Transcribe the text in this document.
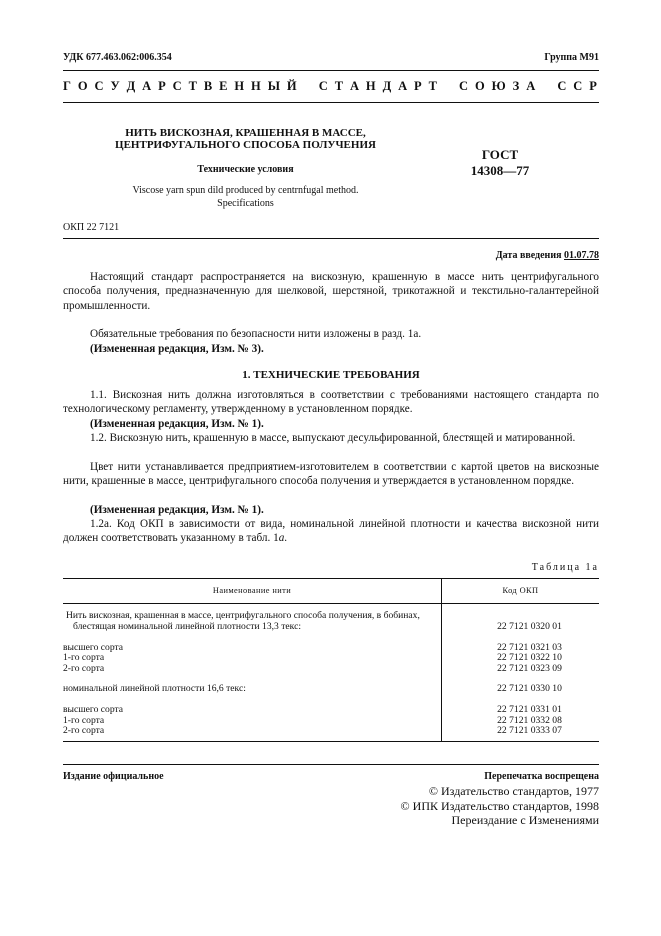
УДК 677.463.062:006.354	Группа М91
Г О С У Д А Р С Т В Е Н Н Ы Й
С Т А Н Д А Р Т
С О Ю З А
С С Р
НИТЬ ВИСКОЗНАЯ, КРАШЕННАЯ В МАССЕ,
ЦЕНТРИФУГАЛЬНОГО СПОСОБА ПОЛУЧЕНИЯ
Технические условия
Viscose yarn spun dild produced by centrnfugal method.
Specifications
ГОСТ
14308—77
ОКП 22 7121
Дата введения 01.07.78
Настоящий стандарт распространяется на вискозную, крашенную в массе нить центрифугального способа получения, предназначенную для шелковой, шерстяной, трикотажной и текстильно-галантерейной промышленности.
Обязательные требования по безопасности нити изложены в разд. 1а.
(Измененная редакция, Изм. № 3).
1. ТЕХНИЧЕСКИЕ ТРЕБОВАНИЯ
1.1. Вискозная нить должна изготовляться в соответствии с требованиями настоящего стандарта по технологическому регламенту, утвержденному в установленном порядке.
(Измененная редакция, Изм. № 1).
1.2. Вискозную нить, крашенную в массе, выпускают десульфированной, блестящей и матированной.
Цвет нити устанавливается предприятием-изготовителем в соответствии с картой цветов на вискозные нити, крашенные в массе, центрифугального способа получения и утверждается в установленном порядке.
(Измененная редакция, Изм. № 1).
1.2а. Код ОКП в зависимости от вида, номинальной линейной плотности и качества вискозной нити должен соответствовать указанному в табл. 1а.
Таблица 1а
Наименование нити	Код ОКП

Нить вискозная, крашенная в массе, центрифугального способа получения, в бобинах, блестящая номинальной линейной плотности 13,3 текс:	22 7121 0320 01
высшего сорта	22 7121 0321 03
1-го сорта	22 7121 0322 10
2-го сорта	22 7121 0323 09
номинальной линейной плотности 16,6 текс:	22 7121 0330 10
высшего сорта	22 7121 0331 01
1-го сорта	22 7121 0332 08
2-го сорта	22 7121 0333 07
Издание официальное	Перепечатка воспрещена
© Издательство стандартов, 1977
© ИПК Издательство стандартов, 1998
Переиздание с Изменениями
